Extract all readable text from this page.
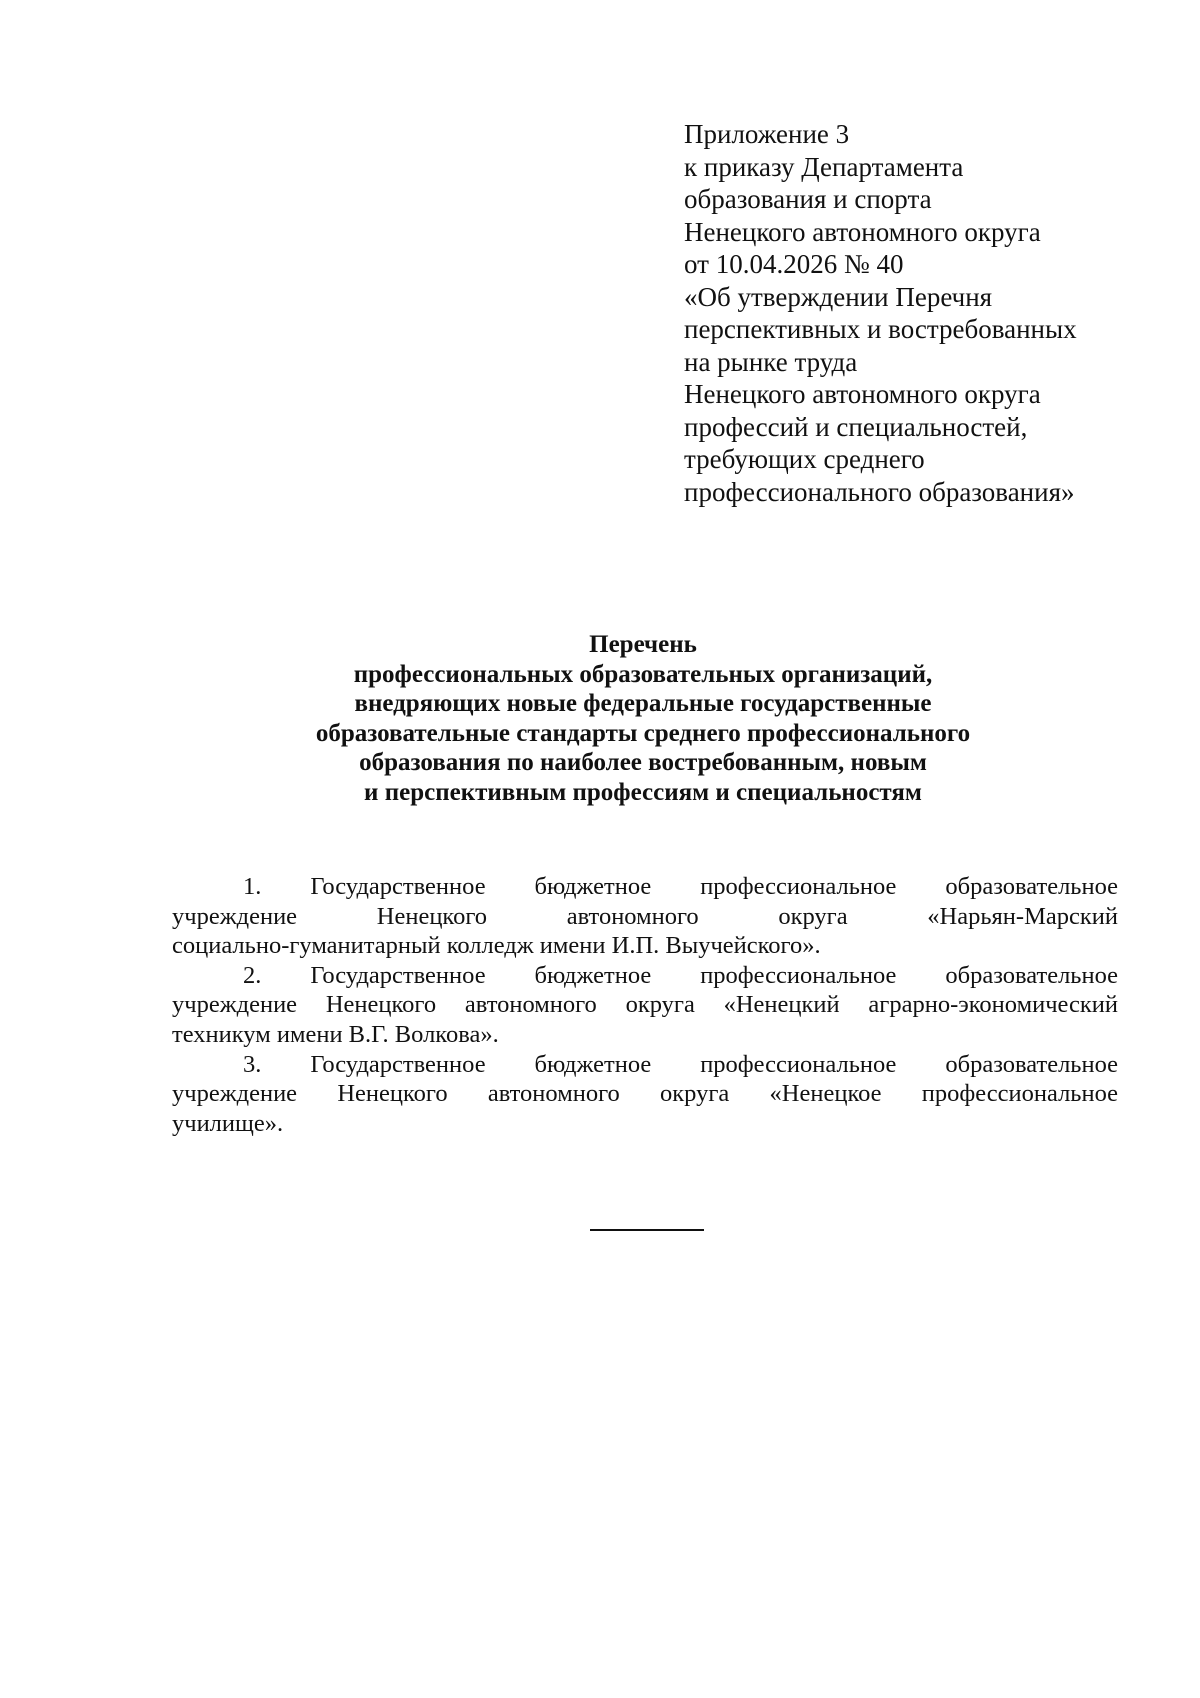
Приложение 3
к приказу Департамента
образования и спорта
Ненецкого автономного округа
от 10.04.2026 № 40
«Об утверждении Перечня
перспективных и востребованных
на рынке труда
Ненецкого автономного округа
профессий и специальностей,
требующих среднего
профессионального образования»
Перечень
профессиональных образовательных организаций,
внедряющих новые федеральные государственные
образовательные стандарты среднего профессионального
образования по наиболее востребованным, новым
и перспективным профессиям и специальностям
1. Государственное бюджетное профессиональное образовательное
учреждение Ненецкого автономного округа «Нарьян-Марский
социально-гуманитарный колледж имени И.П. Выучейского».
2. Государственное бюджетное профессиональное образовательное
учреждение Ненецкого автономного округа «Ненецкий аграрно-экономический
техникум имени В.Г. Волкова».
3. Государственное бюджетное профессиональное образовательное
учреждение Ненецкого автономного округа «Ненецкое профессиональное
училище».
